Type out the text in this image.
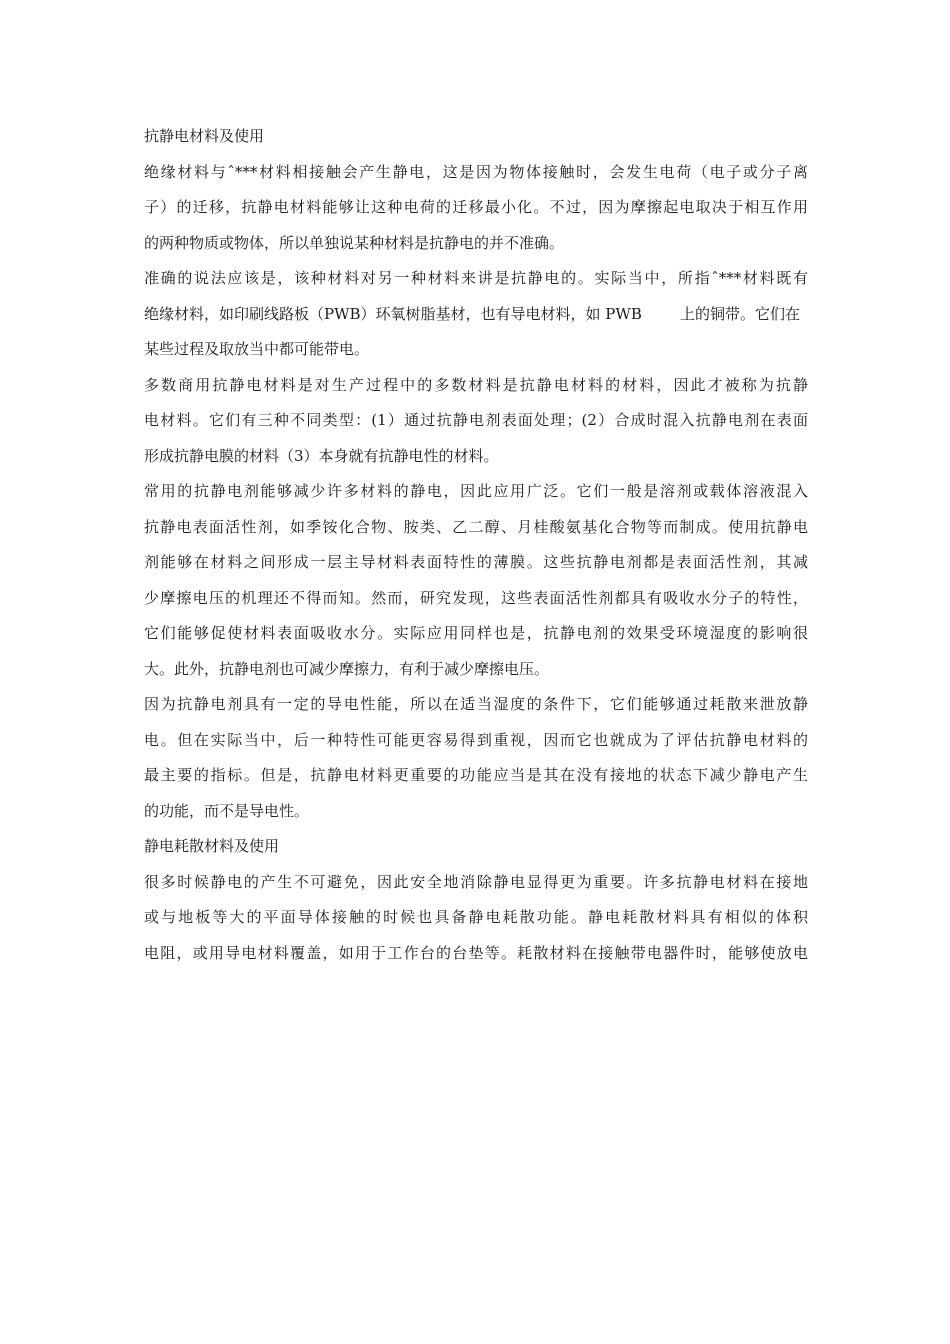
抗静电材料及使用
绝缘材料与ˆ***材料相接触会产生静电，这是因为物体接触时，会发生电荷（电子或分子离
子）的迁移，抗静电材料能够让这种电荷的迁移最小化。不过，因为摩擦起电取决于相互作用
的两种物质或物体，所以单独说某种材料是抗静电的并不准确。
准确的说法应该是，该种材料对另一种材料来讲是抗静电的。实际当中，所指ˆ***材料既有
绝缘材料，如印刷线路板（PWB）环氧树脂基材，也有导电材料，如 PWB        上的铜带。它们在
某些过程及取放当中都可能带电。
多数商用抗静电材料是对生产过程中的多数材料是抗静电材料的材料，因此才被称为抗静
电材料。它们有三种不同类型：(1）通过抗静电剂表面处理；(2）合成时混入抗静电剂在表面
形成抗静电膜的材料（3）本身就有抗静电性的材料。
常用的抗静电剂能够减少许多材料的静电，因此应用广泛。它们一般是溶剂或载体溶液混入
抗静电表面活性剂，如季铵化合物、胺类、乙二醇、月桂酸氨基化合物等而制成。使用抗静电
剂能够在材料之间形成一层主导材料表面特性的薄膜。这些抗静电剂都是表面活性剂，其减
少摩擦电压的机理还不得而知。然而，研究发现，这些表面活性剂都具有吸收水分子的特性，
它们能够促使材料表面吸收水分。实际应用同样也是，抗静电剂的效果受环境湿度的影响很
大。此外，抗静电剂也可减少摩擦力，有利于减少摩擦电压。
因为抗静电剂具有一定的导电性能，所以在适当湿度的条件下，它们能够通过耗散来泄放静
电。但在实际当中，后一种特性可能更容易得到重视，因而它也就成为了评估抗静电材料的
最主要的指标。但是，抗静电材料更重要的功能应当是其在没有接地的状态下减少静电产生
的功能，而不是导电性。
静电耗散材料及使用
很多时候静电的产生不可避免，因此安全地消除静电显得更为重要。许多抗静电材料在接地
或与地板等大的平面导体接触的时候也具备静电耗散功能。静电耗散材料具有相似的体积
电阻，或用导电材料覆盖，如用于工作台的台垫等。耗散材料在接触带电器件时，能够使放电
